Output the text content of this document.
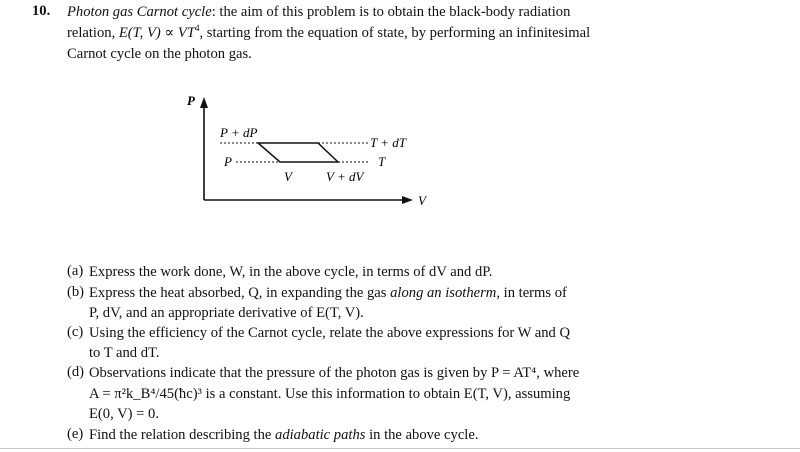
10. Photon gas Carnot cycle: the aim of this problem is to obtain the black-body radiation
relation, E(T, $V) \propto VT^4$, starting from the equation of state, by performing an infinitesimal
Carnot cycle on the photon gas.
P
V
P + dP
P
T + dT
T
V	V + dV
(a) Express the work done, W, in the above cycle, in terms of dV and dP.
(b) Express the heat absorbed, Q, in expanding the gas along an isotherm, in terms of
P, dV, and an appropriate derivative of E(T, V).
(c) Using the efficiency of the Carnot cycle, relate the above expressions for W and Q
to T and dT.
(d) Observations indicate that the pressure of the photon gas is given by P = AT⁴, where
A = π²k_B⁴/45(ħc)³ is a constant. Use this information to obtain E(T, V), assuming
E(0, V) = 0.
(e) Find the relation describing the adiabatic paths in the above cycle.
